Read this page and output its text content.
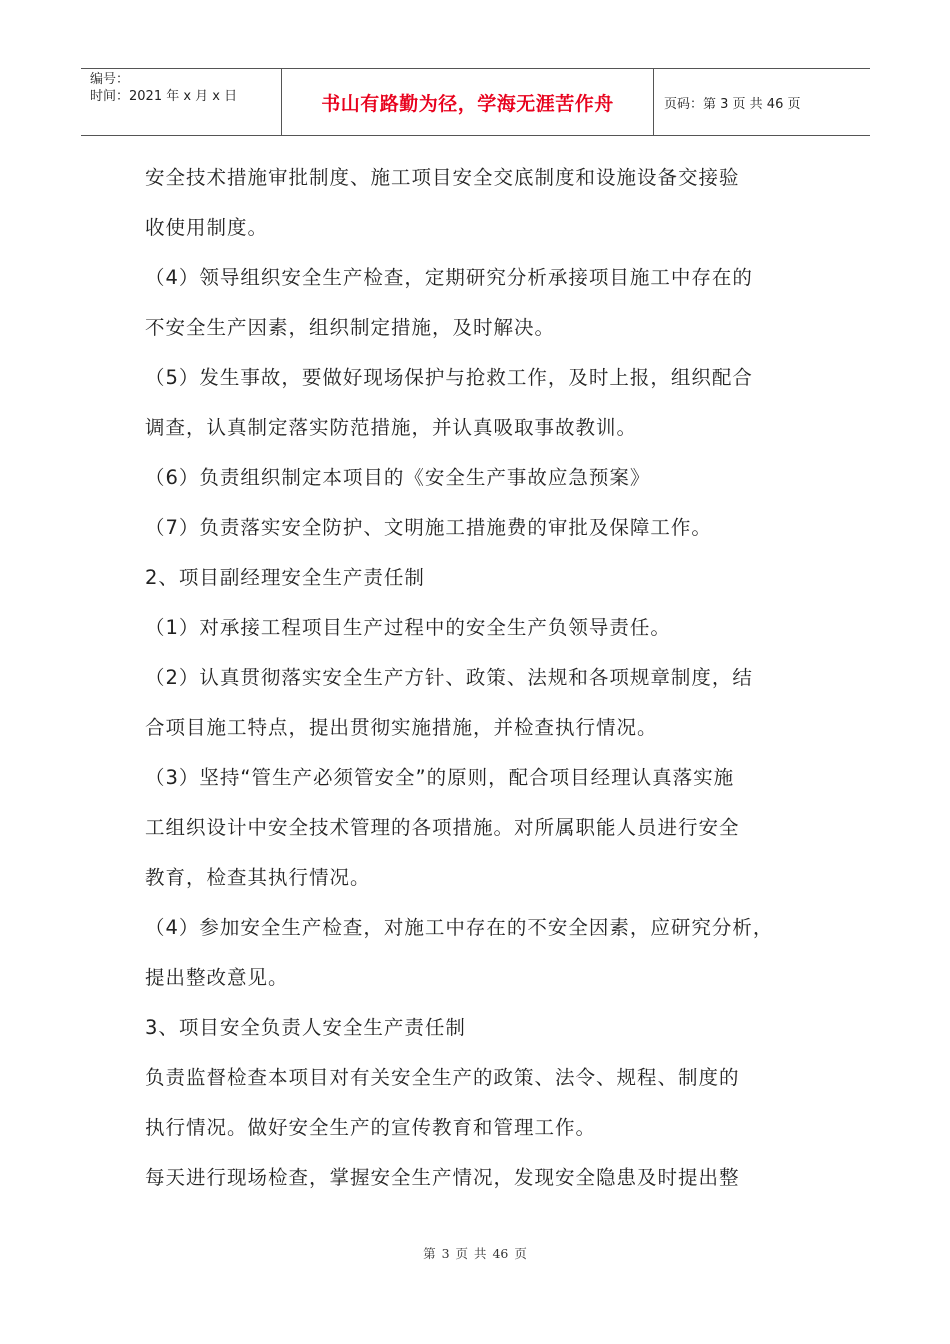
编号：
时间：2021 年 x 月 x 日	书山有路勤为径，学海无涯苦作舟	页码：第 3 页 共 46 页
安全技术措施审批制度、施工项目安全交底制度和设施设备交接验
收使用制度。
（4）领导组织安全生产检查，定期研究分析承接项目施工中存在的
不安全生产因素，组织制定措施，及时解决。
（5）发生事故，要做好现场保护与抢救工作，及时上报，组织配合
调查，认真制定落实防范措施，并认真吸取事故教训。
（6）负责组织制定本项目的《安全生产事故应急预案》
（7）负责落实安全防护、文明施工措施费的审批及保障工作。
2、项目副经理安全生产责任制
（1）对承接工程项目生产过程中的安全生产负领导责任。
（2）认真贯彻落实安全生产方针、政策、法规和各项规章制度，结
合项目施工特点，提出贯彻实施措施，并检查执行情况。
（3）坚持“管生产必须管安全”的原则，配合项目经理认真落实施
工组织设计中安全技术管理的各项措施。对所属职能人员进行安全
教育，检查其执行情况。
（4）参加安全生产检查，对施工中存在的不安全因素，应研究分析，
提出整改意见。
3、项目安全负责人安全生产责任制
负责监督检查本项目对有关安全生产的政策、法令、规程、制度的
执行情况。做好安全生产的宣传教育和管理工作。
每天进行现场检查，掌握安全生产情况，发现安全隐患及时提出整
第 3 页 共 46 页
